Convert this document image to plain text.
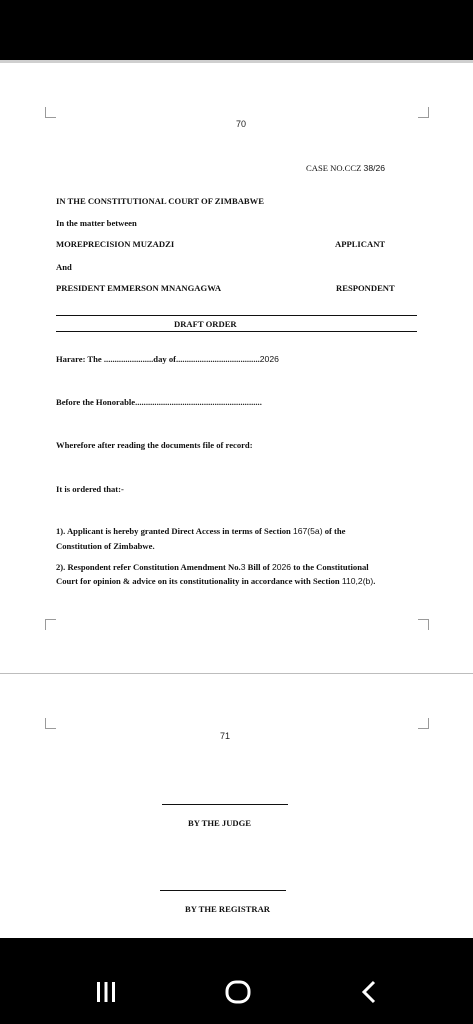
70
CASE NO.CCZ 38/26
IN THE CONSTITUTIONAL COURT OF ZIMBABWE
In the matter between
MOREPRECISION MUZADZI	APPLICANT
And
PRESIDENT EMMERSON MNANGAGWA	RESPONDENT
DRAFT ORDER
Harare: The .......................day of.......................................2026
Before the Honorable...........................................................
Wherefore after reading the documents file of record:
It is ordered that:-
1). Applicant is hereby granted Direct Access in terms of Section 167(5a) of the
Constitution of Zimbabwe.
2). Respondent refer Constitution Amendment No.3 Bill of 2026 to the Constitutional
Court for opinion & advice on its constitutionality in accordance with Section 110,2(b).
71
BY THE JUDGE
BY THE REGISTRAR
